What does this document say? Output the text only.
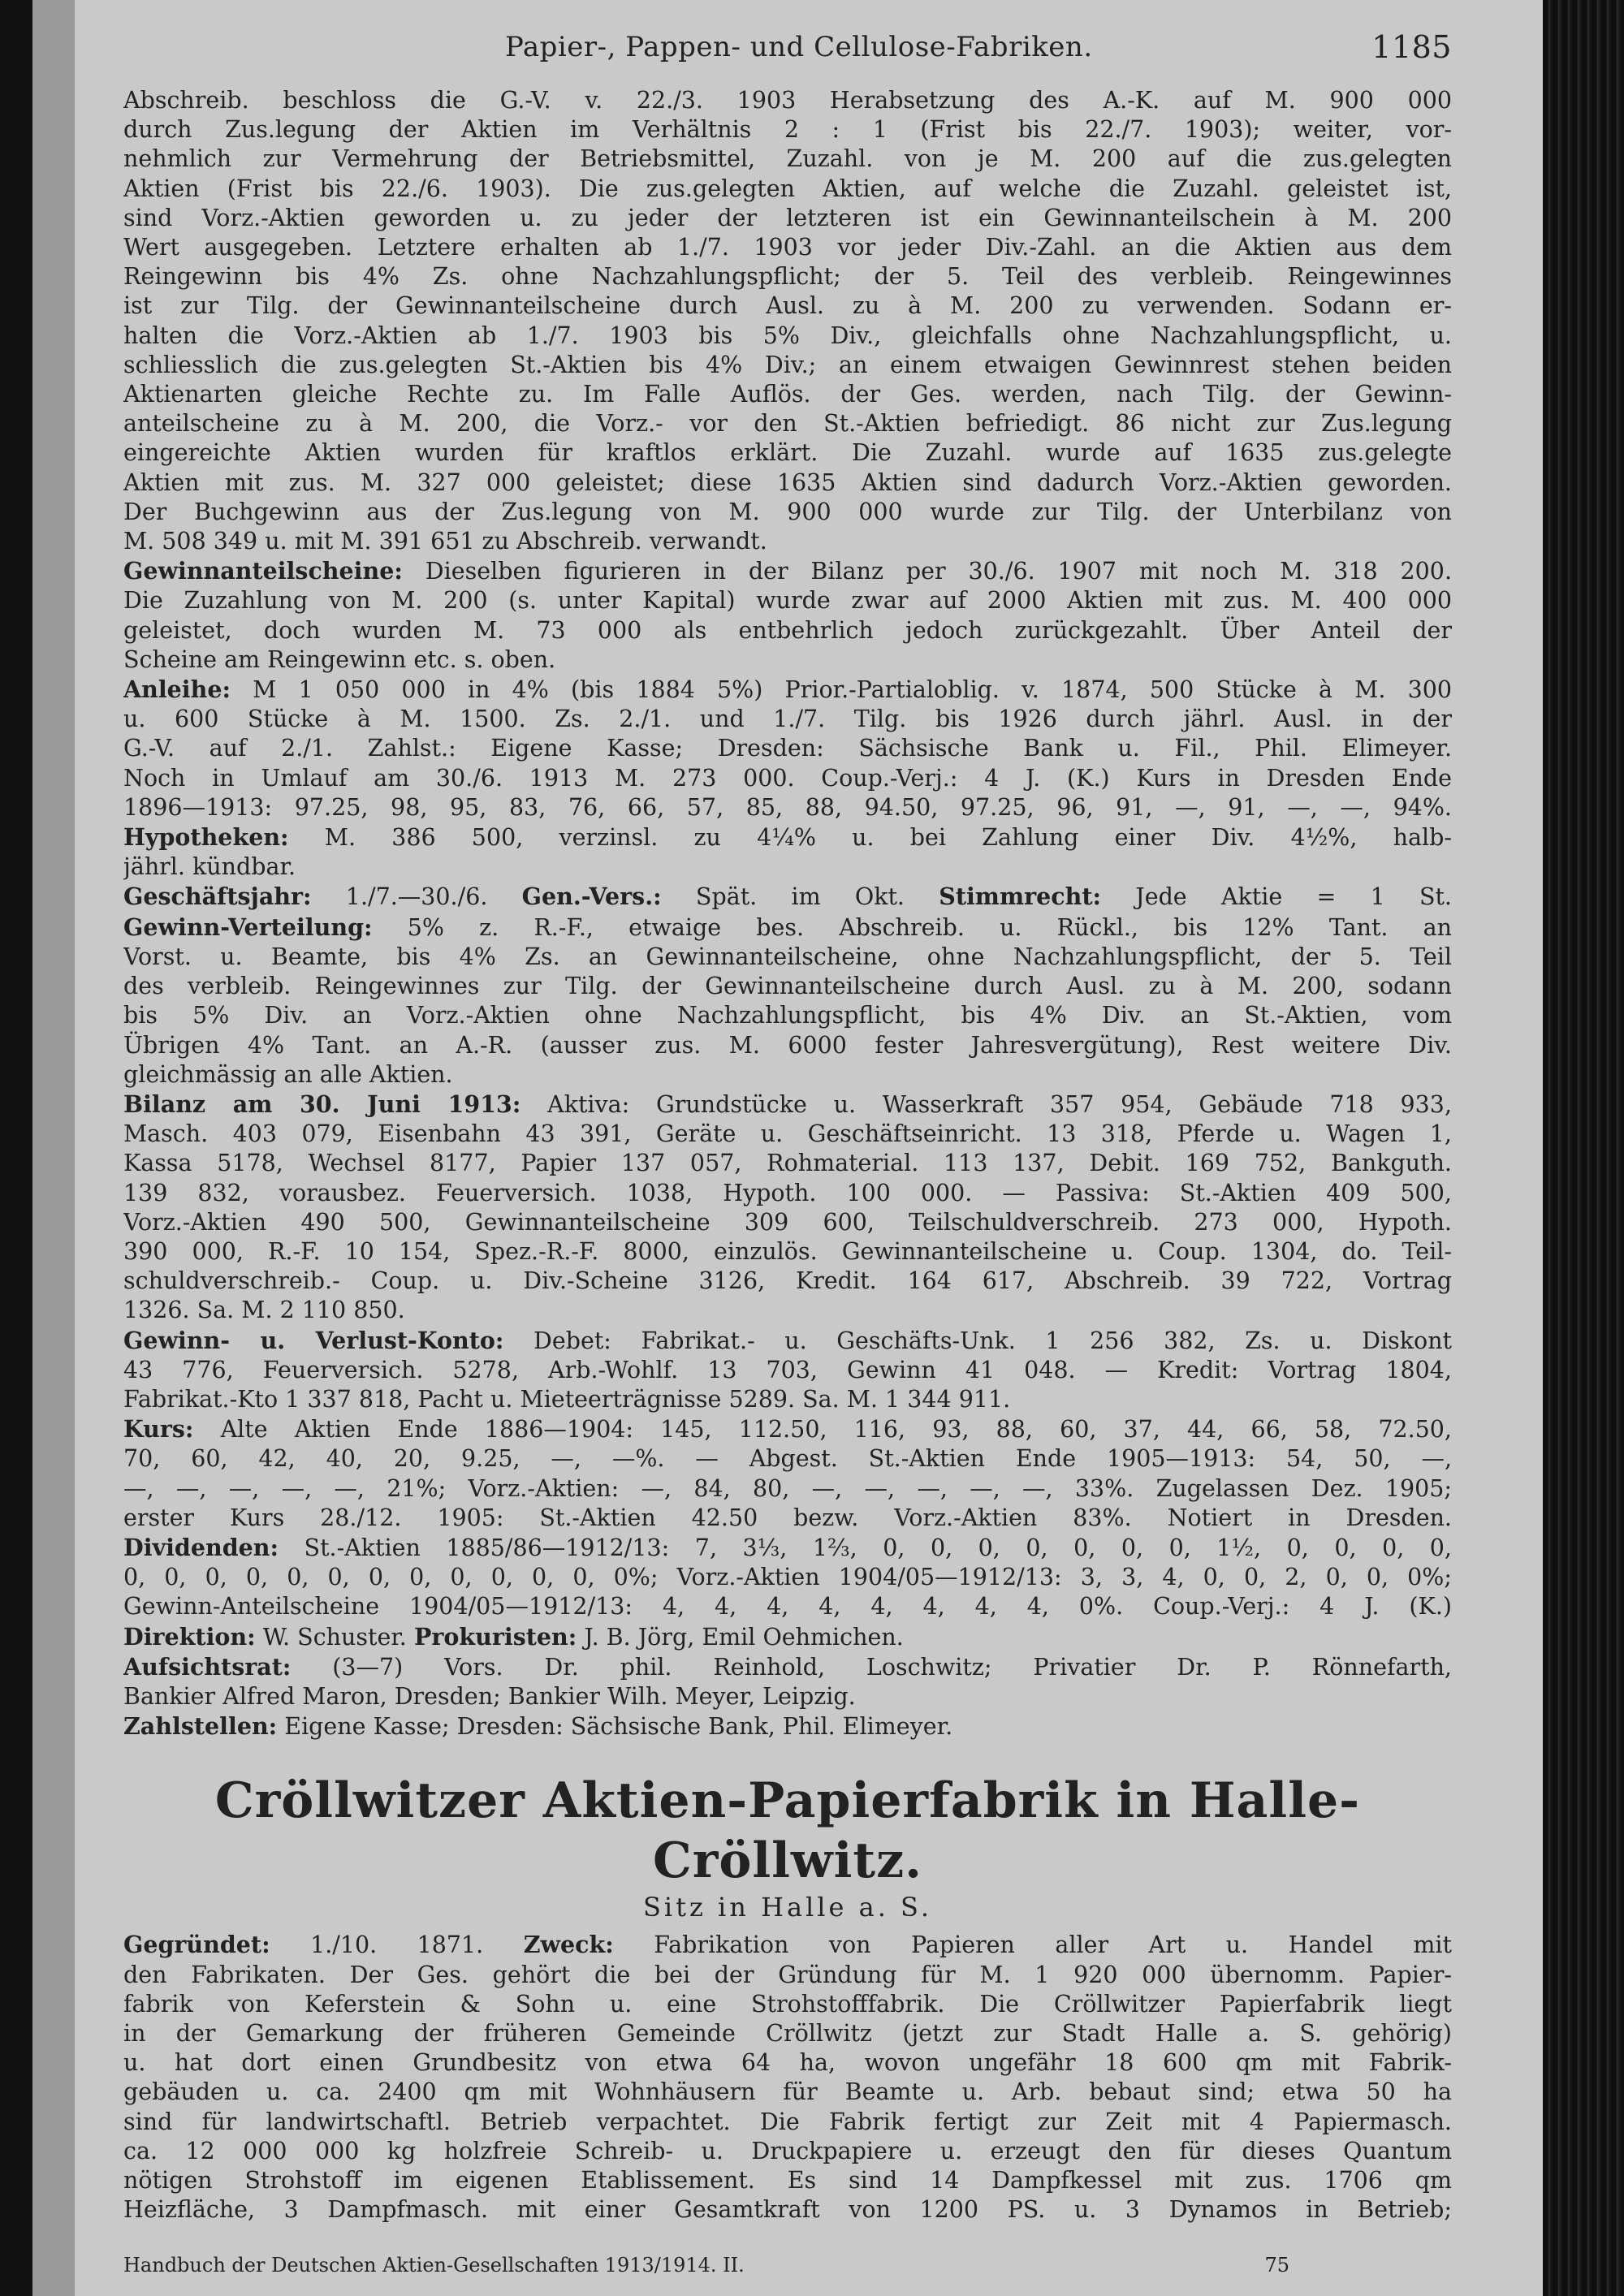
Papier-, Pappen- und Cellulose-Fabriken.	1185
Abschreib. beschloss die G.-V. v. 22./3. 1903 Herabsetzung des A.-K. auf M. 900 000
durch Zus.legung der Aktien im Verhältnis 2 : 1 (Frist bis 22./7. 1903); weiter, vor-
nehmlich zur Vermehrung der Betriebsmittel, Zuzahl. von je M. 200 auf die zus.gelegten
Aktien (Frist bis 22./6. 1903). Die zus.gelegten Aktien, auf welche die Zuzahl. geleistet ist,
sind Vorz.-Aktien geworden u. zu jeder der letzteren ist ein Gewinnanteilschein à M. 200
Wert ausgegeben. Letztere erhalten ab 1./7. 1903 vor jeder Div.-Zahl. an die Aktien aus dem
Reingewinn bis 4% Zs. ohne Nachzahlungspflicht; der 5. Teil des verbleib. Reingewinnes
ist zur Tilg. der Gewinnanteilscheine durch Ausl. zu à M. 200 zu verwenden. Sodann er-
halten die Vorz.-Aktien ab 1./7. 1903 bis 5% Div., gleichfalls ohne Nachzahlungspflicht, u.
schliesslich die zus.gelegten St.-Aktien bis 4% Div.; an einem etwaigen Gewinnrest stehen beiden
Aktienarten gleiche Rechte zu. Im Falle Auflös. der Ges. werden, nach Tilg. der Gewinn-
anteilscheine zu à M. 200, die Vorz.- vor den St.-Aktien befriedigt. 86 nicht zur Zus.legung
eingereichte Aktien wurden für kraftlos erklärt. Die Zuzahl. wurde auf 1635 zus.gelegte
Aktien mit zus. M. 327 000 geleistet; diese 1635 Aktien sind dadurch Vorz.-Aktien geworden.
Der Buchgewinn aus der Zus.legung von M. 900 000 wurde zur Tilg. der Unterbilanz von
M. 508 349 u. mit M. 391 651 zu Abschreib. verwandt.
Gewinnanteilscheine: Dieselben figurieren in der Bilanz per 30./6. 1907 mit noch M. 318 200.
Die Zuzahlung von M. 200 (s. unter Kapital) wurde zwar auf 2000 Aktien mit zus. M. 400 000
geleistet, doch wurden M. 73 000 als entbehrlich jedoch zurückgezahlt. Über Anteil der
Scheine am Reingewinn etc. s. oben.
Anleihe: M 1 050 000 in 4% (bis 1884 5%) Prior.-Partialoblig. v. 1874, 500 Stücke à M. 300
u. 600 Stücke à M. 1500. Zs. 2./1. und 1./7. Tilg. bis 1926 durch jährl. Ausl. in der
G.-V. auf 2./1. Zahlst.: Eigene Kasse; Dresden: Sächsische Bank u. Fil., Phil. Elimeyer.
Noch in Umlauf am 30./6. 1913 M. 273 000. Coup.-Verj.: 4 J. (K.) Kurs in Dresden Ende
1896—1913: 97.25, 98, 95, 83, 76, 66, 57, 85, 88, 94.50, 97.25, 96, 91, —, 91, —, —, 94%.
Hypotheken: M. 386 500, verzinsl. zu 4¼% u. bei Zahlung einer Div. 4½%, halb-
jährl. kündbar.
Geschäftsjahr: 1./7.—30./6. Gen.-Vers.: Spät. im Okt. Stimmrecht: Jede Aktie = 1 St.
Gewinn-Verteilung: 5% z. R.-F., etwaige bes. Abschreib. u. Rückl., bis 12% Tant. an
Vorst. u. Beamte, bis 4% Zs. an Gewinnanteilscheine, ohne Nachzahlungspflicht, der 5. Teil
des verbleib. Reingewinnes zur Tilg. der Gewinnanteilscheine durch Ausl. zu à M. 200, sodann
bis 5% Div. an Vorz.-Aktien ohne Nachzahlungspflicht, bis 4% Div. an St.-Aktien, vom
Übrigen 4% Tant. an A.-R. (ausser zus. M. 6000 fester Jahresvergütung), Rest weitere Div.
gleichmässig an alle Aktien.
Bilanz am 30. Juni 1913: Aktiva: Grundstücke u. Wasserkraft 357 954, Gebäude 718 933,
Masch. 403 079, Eisenbahn 43 391, Geräte u. Geschäftseinricht. 13 318, Pferde u. Wagen 1,
Kassa 5178, Wechsel 8177, Papier 137 057, Rohmaterial. 113 137, Debit. 169 752, Bankguth.
139 832, vorausbez. Feuerversich. 1038, Hypoth. 100 000. — Passiva: St.-Aktien 409 500,
Vorz.-Aktien 490 500, Gewinnanteilscheine 309 600, Teilschuldverschreib. 273 000, Hypoth.
390 000, R.-F. 10 154, Spez.-R.-F. 8000, einzulös. Gewinnanteilscheine u. Coup. 1304, do. Teil-
schuldverschreib.- Coup. u. Div.-Scheine 3126, Kredit. 164 617, Abschreib. 39 722, Vortrag
1326. Sa. M. 2 110 850.
Gewinn- u. Verlust-Konto: Debet: Fabrikat.- u. Geschäfts-Unk. 1 256 382, Zs. u. Diskont
43 776, Feuerversich. 5278, Arb.-Wohlf. 13 703, Gewinn 41 048. — Kredit: Vortrag 1804,
Fabrikat.-Kto 1 337 818, Pacht u. Mieteerträgnisse 5289. Sa. M. 1 344 911.
Kurs: Alte Aktien Ende 1886—1904: 145, 112.50, 116, 93, 88, 60, 37, 44, 66, 58, 72.50,
70, 60, 42, 40, 20, 9.25, —, —%. — Abgest. St.-Aktien Ende 1905—1913: 54, 50, —,
—, —, —, —, —, 21%; Vorz.-Aktien: —, 84, 80, —, —, —, —, —, 33%. Zugelassen Dez. 1905;
erster Kurs 28./12. 1905: St.-Aktien 42.50 bezw. Vorz.-Aktien 83%. Notiert in Dresden.
Dividenden: St.-Aktien 1885/86—1912/13: 7, 3⅓, 1⅔, 0, 0, 0, 0, 0, 0, 0, 1½, 0, 0, 0, 0,
0, 0, 0, 0, 0, 0, 0, 0, 0, 0, 0, 0, 0%; Vorz.-Aktien 1904/05—1912/13: 3, 3, 4, 0, 0, 2, 0, 0, 0%;
Gewinn-Anteilscheine 1904/05—1912/13: 4, 4, 4, 4, 4, 4, 4, 4, 0%. Coup.-Verj.: 4 J. (K.)
Direktion: W. Schuster. Prokuristen: J. B. Jörg, Emil Oehmichen.
Aufsichtsrat: (3—7) Vors. Dr. phil. Reinhold, Loschwitz; Privatier Dr. P. Rönnefarth,
Bankier Alfred Maron, Dresden; Bankier Wilh. Meyer, Leipzig.
Zahlstellen: Eigene Kasse; Dresden: Sächsische Bank, Phil. Elimeyer.
Cröllwitzer Aktien-Papierfabrik in Halle-Cröllwitz.
Sitz in Halle a. S.
Gegründet: 1./10. 1871. Zweck: Fabrikation von Papieren aller Art u. Handel mit
den Fabrikaten. Der Ges. gehört die bei der Gründung für M. 1 920 000 übernomm. Papier-
fabrik von Keferstein & Sohn u. eine Strohstofffabrik. Die Cröllwitzer Papierfabrik liegt
in der Gemarkung der früheren Gemeinde Cröllwitz (jetzt zur Stadt Halle a. S. gehörig)
u. hat dort einen Grundbesitz von etwa 64 ha, wovon ungefähr 18 600 qm mit Fabrik-
gebäuden u. ca. 2400 qm mit Wohnhäusern für Beamte u. Arb. bebaut sind; etwa 50 ha
sind für landwirtschaftl. Betrieb verpachtet. Die Fabrik fertigt zur Zeit mit 4 Papiermasch.
ca. 12 000 000 kg holzfreie Schreib- u. Druckpapiere u. erzeugt den für dieses Quantum
nötigen Strohstoff im eigenen Etablissement. Es sind 14 Dampfkessel mit zus. 1706 qm
Heizfläche, 3 Dampfmasch. mit einer Gesamtkraft von 1200 PS. u. 3 Dynamos in Betrieb;
Handbuch der Deutschen Aktien-Gesellschaften 1913/1914. II.	75
